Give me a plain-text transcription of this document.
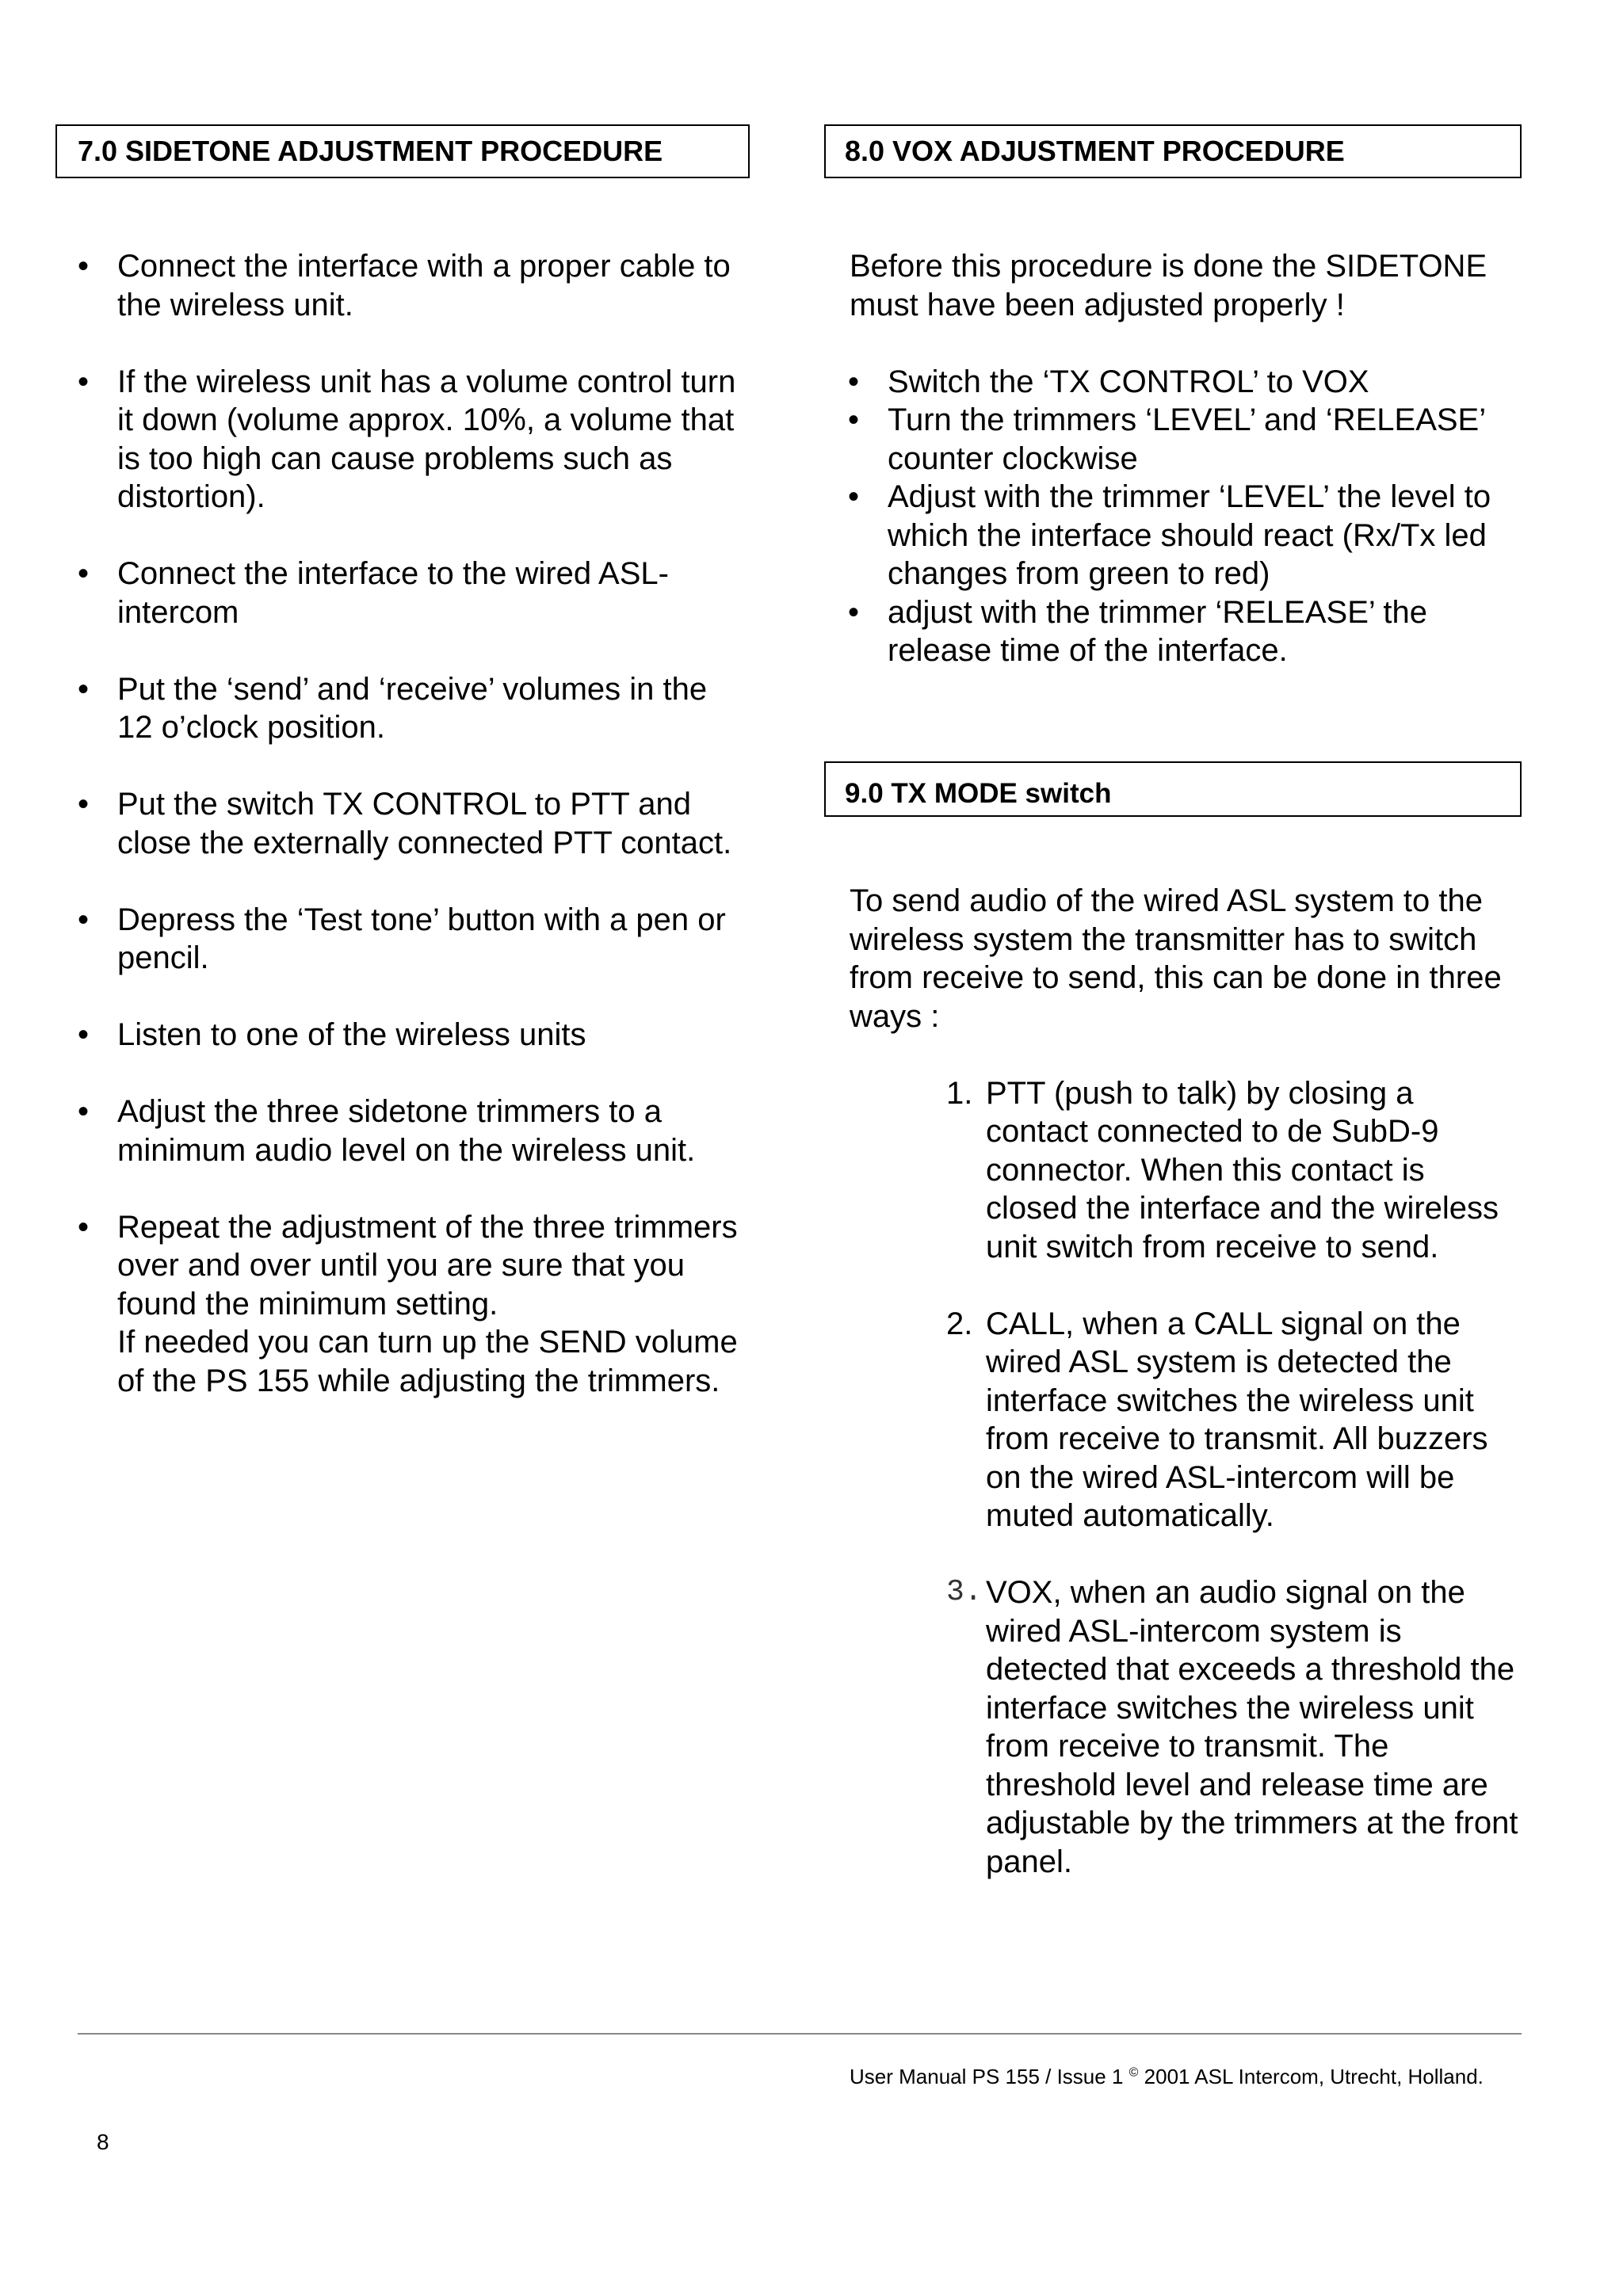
7.0 SIDETONE ADJUSTMENT PROCEDURE
• Connect the interface with a proper cable to the wireless unit.
• If the wireless unit has a volume control turn it down (volume approx. 10%, a volume that is too high can cause problems such as distortion).
• Connect the interface to the wired ASL-intercom
• Put the ‘send’ and ‘receive’ volumes in the 12 o’clock position.
• Put the switch TX CONTROL to PTT and close the externally connected PTT contact.
• Depress the ‘Test tone’ button with a pen or pencil.
• Listen to one of the wireless units
• Adjust the three sidetone trimmers to a minimum audio level on the wireless unit.
• Repeat the adjustment of the three trimmers over and over until you are sure that you found the minimum setting.
If needed you can turn up the SEND volume of the PS 155 while adjusting the trimmers.
8.0 VOX ADJUSTMENT PROCEDURE

Before this procedure is done the SIDETONE must have been adjusted properly !

• Switch the ‘TX CONTROL’ to VOX
• Turn the trimmers ‘LEVEL’ and ‘RELEASE’ counter clockwise
• Adjust with the trimmer ‘LEVEL’ the level to which the interface should react (Rx/Tx led changes from green to red)
• adjust with the trimmer ‘RELEASE’ the release time of the interface.
9.0 TX MODE switch

To send audio of the wired ASL system to the wireless system the transmitter has to switch from receive to send, this can be done in three ways :

1. PTT (push to talk) by closing a contact connected to de SubD-9 connector. When this contact is closed the interface and the wireless unit switch from receive to send.
2. CALL, when a CALL signal on the wired ASL system is detected the interface switches the wireless unit from receive to transmit. All buzzers on the wired ASL-intercom will be muted automatically.
3. VOX, when an audio signal on the wired ASL-intercom system is detected that exceeds a threshold the interface switches the wireless unit from receive to transmit. The threshold level and release time are adjustable by the trimmers at the front panel.
User Manual PS 155 / Issue 1 © 2001 ASL Intercom, Utrecht, Holland.
8
